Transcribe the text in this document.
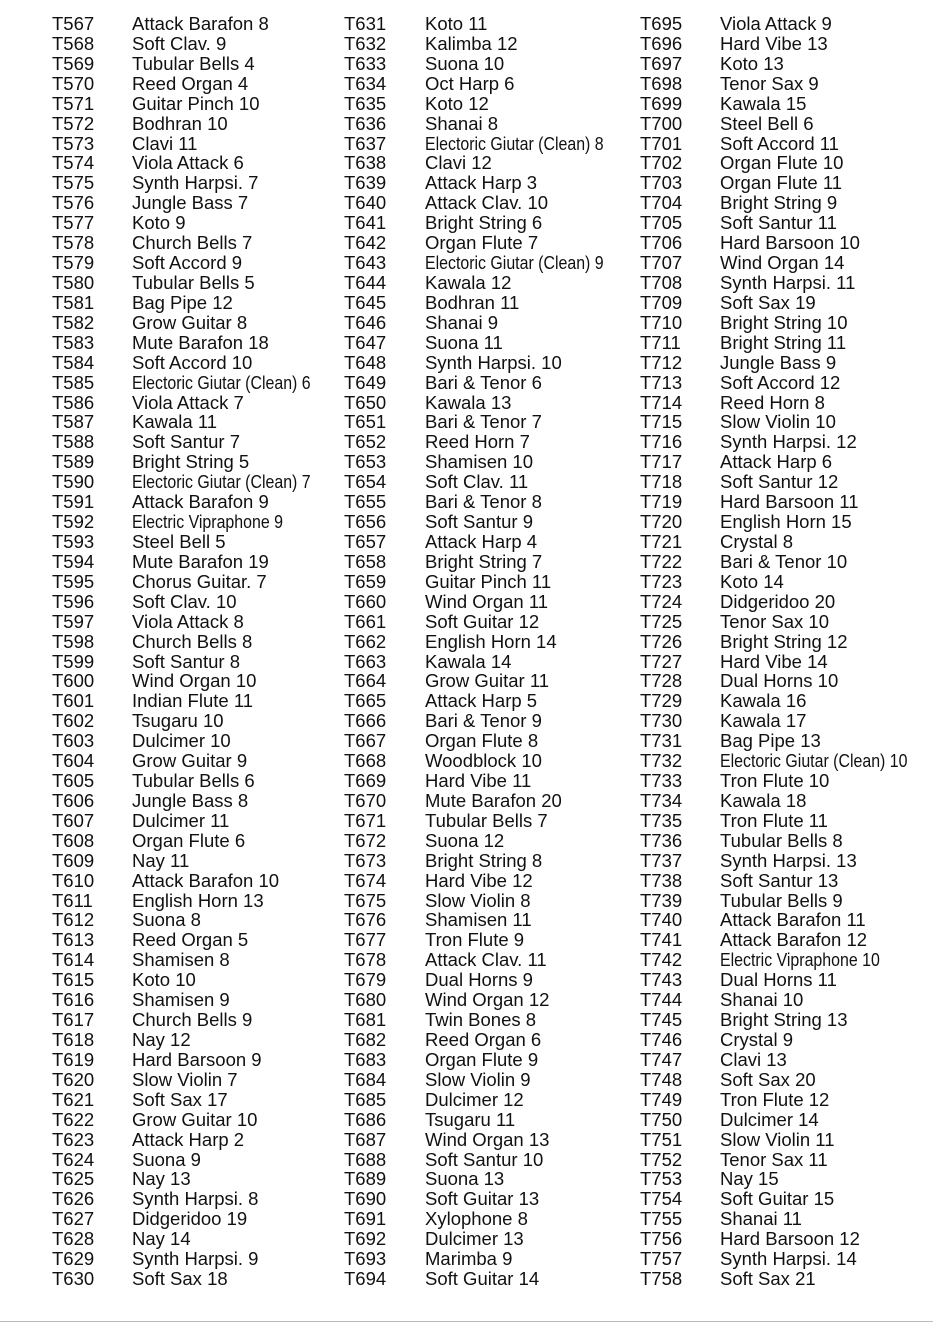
T567 Attack Barafon 8
T568 Soft Clav. 9
T569 Tubular Bells 4
T570 Reed Organ 4
T571 Guitar Pinch 10
T572 Bodhran 10
T573 Clavi 11
T574 Viola Attack 6
T575 Synth Harpsi. 7
T576 Jungle Bass 7
T577 Koto 9
T578 Church Bells 7
T579 Soft Accord 9
T580 Tubular Bells 5
T581 Bag Pipe 12
T582 Grow Guitar 8
T583 Mute Barafon 18
T584 Soft Accord 10
T585 Electoric Giutar (Clean) 6
T586 Viola Attack 7
T587 Kawala 11
T588 Soft Santur 7
T589 Bright String 5
T590 Electoric Giutar (Clean) 7
T591 Attack Barafon 9
T592 Electric Vipraphone 9
T593 Steel Bell 5
T594 Mute Barafon 19
T595 Chorus Guitar. 7
T596 Soft Clav. 10
T597 Viola Attack 8
T598 Church Bells 8
T599 Soft Santur 8
T600 Wind Organ 10
T601 Indian Flute 11
T602 Tsugaru 10
T603 Dulcimer 10
T604 Grow Guitar 9
T605 Tubular Bells 6
T606 Jungle Bass 8
T607 Dulcimer 11
T608 Organ Flute 6
T609 Nay 11
T610 Attack Barafon 10
T611 English Horn 13
T612 Suona 8
T613 Reed Organ 5
T614 Shamisen 8
T615 Koto 10
T616 Shamisen 9
T617 Church Bells 9
T618 Nay 12
T619 Hard Barsoon 9
T620 Slow Violin 7
T621 Soft Sax 17
T622 Grow Guitar 10
T623 Attack Harp 2
T624 Suona 9
T625 Nay 13
T626 Synth Harpsi. 8
T627 Didgeridoo 19
T628 Nay 14
T629 Synth Harpsi. 9
T630 Soft Sax 18
T631 Koto 11
T632 Kalimba 12
T633 Suona 10
T634 Oct Harp 6
T635 Koto 12
T636 Shanai 8
T637 Electoric Giutar (Clean) 8
T638 Clavi 12
T639 Attack Harp 3
T640 Attack Clav. 10
T641 Bright String 6
T642 Organ Flute 7
T643 Electoric Giutar (Clean) 9
T644 Kawala 12
T645 Bodhran 11
T646 Shanai 9
T647 Suona 11
T648 Synth Harpsi. 10
T649 Bari & Tenor 6
T650 Kawala 13
T651 Bari & Tenor 7
T652 Reed Horn 7
T653 Shamisen 10
T654 Soft Clav. 11
T655 Bari & Tenor 8
T656 Soft Santur 9
T657 Attack Harp 4
T658 Bright String 7
T659 Guitar Pinch 11
T660 Wind Organ 11
T661 Soft Guitar 12
T662 English Horn 14
T663 Kawala 14
T664 Grow Guitar 11
T665 Attack Harp 5
T666 Bari & Tenor 9
T667 Organ Flute 8
T668 Woodblock 10
T669 Hard Vibe 11
T670 Mute Barafon 20
T671 Tubular Bells 7
T672 Suona 12
T673 Bright String 8
T674 Hard Vibe 12
T675 Slow Violin 8
T676 Shamisen 11
T677 Tron Flute 9
T678 Attack Clav. 11
T679 Dual Horns 9
T680 Wind Organ 12
T681 Twin Bones 8
T682 Reed Organ 6
T683 Organ Flute 9
T684 Slow Violin 9
T685 Dulcimer 12
T686 Tsugaru 11
T687 Wind Organ 13
T688 Soft Santur 10
T689 Suona 13
T690 Soft Guitar 13
T691 Xylophone 8
T692 Dulcimer 13
T693 Marimba 9
T694 Soft Guitar 14
T695 Viola Attack 9
T696 Hard Vibe 13
T697 Koto 13
T698 Tenor Sax 9
T699 Kawala 15
T700 Steel Bell 6
T701 Soft Accord 11
T702 Organ Flute 10
T703 Organ Flute 11
T704 Bright String 9
T705 Soft Santur 11
T706 Hard Barsoon 10
T707 Wind Organ 14
T708 Synth Harpsi. 11
T709 Soft Sax 19
T710 Bright String 10
T711 Bright String 11
T712 Jungle Bass 9
T713 Soft Accord 12
T714 Reed Horn 8
T715 Slow Violin 10
T716 Synth Harpsi. 12
T717 Attack Harp 6
T718 Soft Santur 12
T719 Hard Barsoon 11
T720 English Horn 15
T721 Crystal 8
T722 Bari & Tenor 10
T723 Koto 14
T724 Didgeridoo 20
T725 Tenor Sax 10
T726 Bright String 12
T727 Hard Vibe 14
T728 Dual Horns 10
T729 Kawala 16
T730 Kawala 17
T731 Bag Pipe 13
T732 Electoric Giutar (Clean) 10
T733 Tron Flute 10
T734 Kawala 18
T735 Tron Flute 11
T736 Tubular Bells 8
T737 Synth Harpsi. 13
T738 Soft Santur 13
T739 Tubular Bells 9
T740 Attack Barafon 11
T741 Attack Barafon 12
T742 Electric Vipraphone 10
T743 Dual Horns 11
T744 Shanai 10
T745 Bright String 13
T746 Crystal 9
T747 Clavi 13
T748 Soft Sax 20
T749 Tron Flute 12
T750 Dulcimer 14
T751 Slow Violin 11
T752 Tenor Sax 11
T753 Nay 15
T754 Soft Guitar 15
T755 Shanai 11
T756 Hard Barsoon 12
T757 Synth Harpsi. 14
T758 Soft Sax 21
